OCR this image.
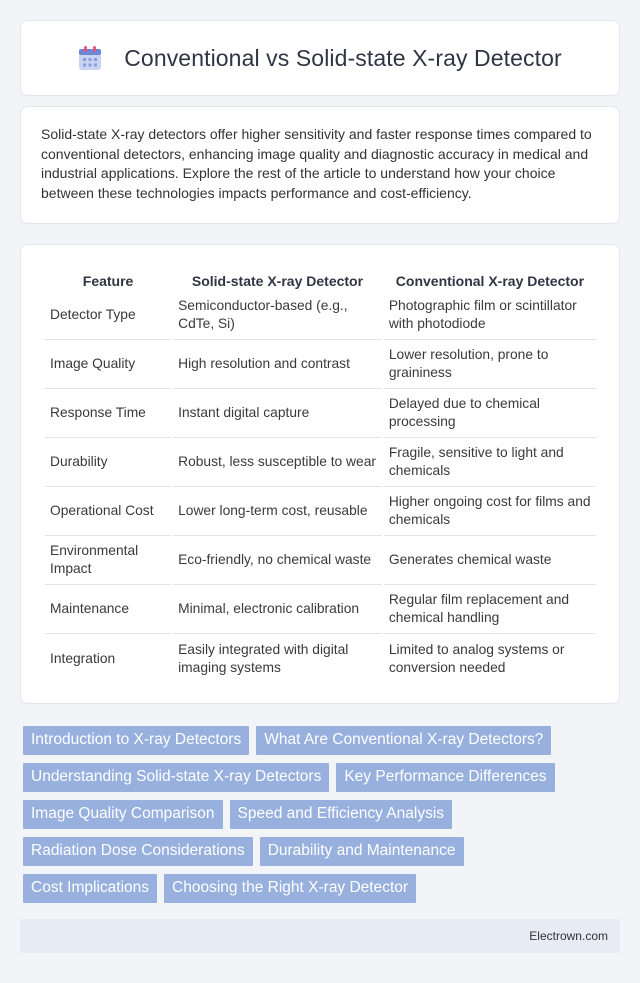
Conventional vs Solid-state X-ray Detector

Solid-state X-ray detectors offer higher sensitivity and faster response times compared to conventional detectors, enhancing image quality and diagnostic accuracy in medical and industrial applications. Explore the rest of the article to understand how your choice between these technologies impacts performance and cost-efficiency.

Feature	Solid-state X-ray Detector	Conventional X-ray Detector
Detector Type	Semiconductor-based (e.g., CdTe, Si)	Photographic film or scintillator with photodiode
Image Quality	High resolution and contrast	Lower resolution, prone to graininess
Response Time	Instant digital capture	Delayed due to chemical processing
Durability	Robust, less susceptible to wear	Fragile, sensitive to light and chemicals
Operational Cost	Lower long-term cost, reusable	Higher ongoing cost for films and chemicals
Environmental Impact	Eco-friendly, no chemical waste	Generates chemical waste
Maintenance	Minimal, electronic calibration	Regular film replacement and chemical handling
Integration	Easily integrated with digital imaging systems	Limited to analog systems or conversion needed
Introduction to X-ray Detectors What Are Conventional X-ray Detectors?
Understanding Solid-state X-ray Detectors Key Performance Differences
Image Quality Comparison Speed and Efficiency Analysis
Radiation Dose Considerations Durability and Maintenance
Cost Implications Choosing the Right X-ray Detector
Electrown.com
